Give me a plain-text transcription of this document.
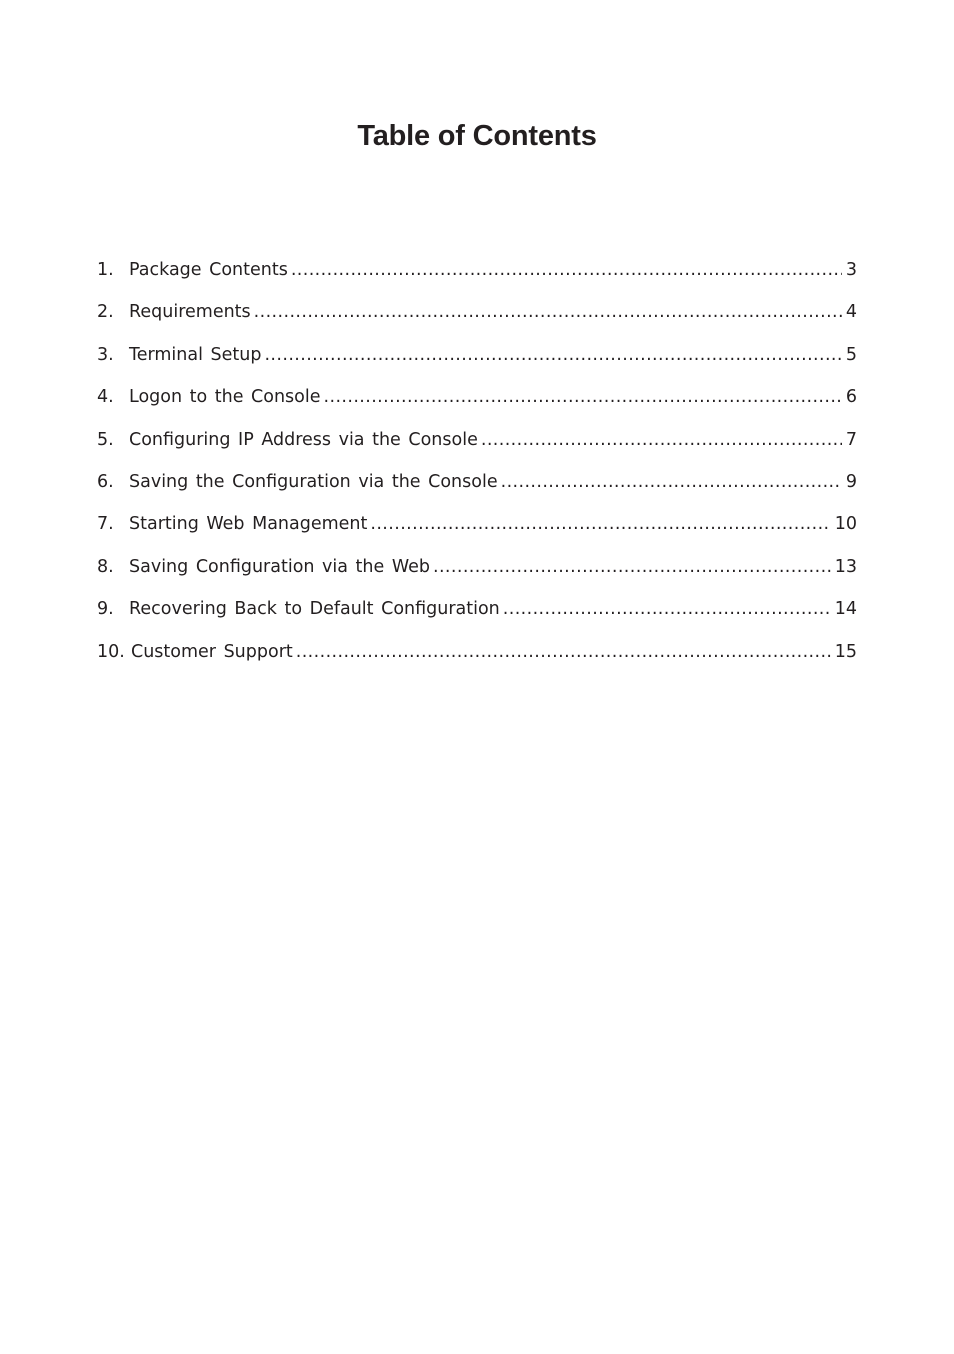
Table of Contents
1. Package Contents .....	3
2. Requirements .....	4
3. Terminal Setup .....	5
4. Logon to the Console .....	6
5. Configuring IP Address via the Console .....	7
6. Saving the Configuration via the Console .....	9
7. Starting Web Management .....	10
8. Saving Configuration via the Web .....	13
9. Recovering Back to Default Configuration .....	14
10. Customer Support .....	15
